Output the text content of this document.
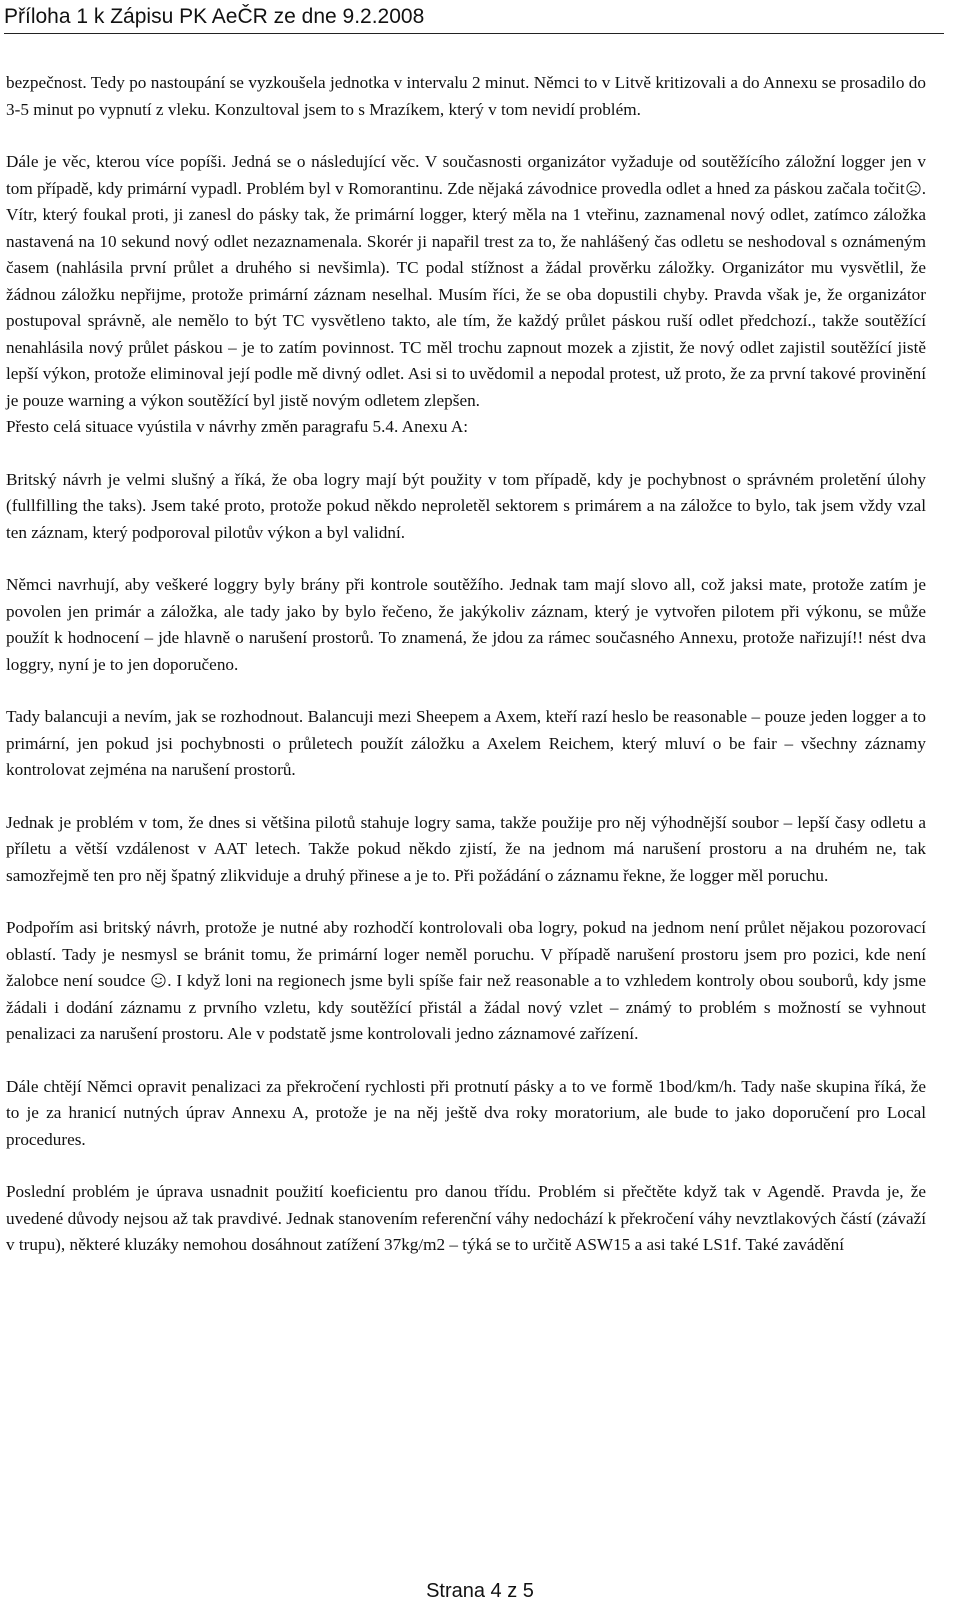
Příloha 1 k Zápisu PK AeČR ze dne 9.2.2008

bezpečnost. Tedy po nastoupání se vyzkoušela jednotka v intervalu 2 minut. Němci to v Litvě kritizovali a do Annexu se prosadilo do 3-5 minut po vypnutí z vleku. Konzultoval jsem to s Mrazíkem, který v tom nevidí problém.

Dále je věc, kterou více popíši. Jedná se o následující věc. V současnosti organizátor vyžaduje od soutěžícího záložní logger jen v tom případě, kdy primární vypadl. Problém byl v Romorantinu. Zde nějaká závodnice provedla odlet a hned za páskou začala točit . Vítr, který foukal proti, ji zanesl do pásky tak, že primární logger, který měla na 1 vteřinu, zaznamenal nový odlet, zatímco záložka nastavená na 10 sekund nový odlet nezaznamenala. Skorér ji napařil trest za to, že nahlášený čas odletu se neshodoval s oznámeným časem (nahlásila první průlet a druhého si nevšimla). TC podal stížnost a žádal prověrku záložky. Organizátor mu vysvětlil, že žádnou záložku nepřijme, protože primární záznam neselhal. Musím říci, že se oba dopustili chyby. Pravda však je, že organizátor postupoval správně, ale nemělo to být TC vysvětleno takto, ale tím, že každý průlet páskou ruší odlet předchozí., takže soutěžící nenahlásila nový průlet páskou – je to zatím povinnost. TC měl trochu zapnout mozek a zjistit, že nový odlet zajistil soutěžící jistě lepší výkon, protože eliminoval její podle mě divný odlet. Asi si to uvědomil a nepodal protest, už proto, že za první takové provinění je pouze warning a výkon soutěžící byl jistě novým odletem zlepšen.

Přesto celá situace vyústila v návrhy změn paragrafu 5.4. Anexu A:

Britský návrh je velmi slušný a říká, že oba logry mají být použity v tom případě, kdy je pochybnost o správném proletění úlohy (fullfilling the taks). Jsem také proto, protože pokud někdo neproletěl sektorem s primárem a na záložce to bylo, tak jsem vždy vzal ten záznam, který podporoval pilotův výkon a byl validní.

Němci navrhují, aby veškeré loggry byly brány při kontrole soutěžího. Jednak tam mají slovo all, což jaksi mate, protože zatím je povolen jen primár a záložka, ale tady jako by bylo řečeno, že jakýkoliv záznam, který je vytvořen pilotem při výkonu, se může použít k hodnocení – jde hlavně o narušení prostorů. To znamená, že jdou za rámec současného Annexu, protože nařizují!! nést dva loggry, nyní je to jen doporučeno.

Tady balancuji a nevím, jak se rozhodnout. Balancuji mezi Sheepem a Axem, kteří razí heslo be reasonable – pouze jeden logger a to primární, jen pokud jsi pochybnosti o průletech použít záložku a Axelem Reichem, který mluví o be fair – všechny záznamy kontrolovat zejména na narušení prostorů.

Jednak je problém v tom, že dnes si většina pilotů stahuje logry sama, takže použije pro něj výhodnější soubor – lepší časy odletu a příletu a větší vzdálenost v AAT letech. Takže pokud někdo zjistí, že na jednom má narušení prostoru a na druhém ne, tak samozřejmě ten pro něj špatný zlikviduje a druhý přinese a je to. Při požádání o záznamu řekne, že logger měl poruchu.

Podpořím asi britský návrh, protože je nutné aby rozhodčí kontrolovali oba logry, pokud na jednom není průlet nějakou pozorovací oblastí. Tady je nesmysl se bránit tomu, že primární loger neměl poruchu. V případě narušení prostoru jsem pro pozici, kde není žalobce není soudce . I když loni na regionech jsme byli spíše fair než reasonable a to vzhledem kontroly obou souborů, kdy jsme žádali i dodání záznamu z prvního vzletu, kdy soutěžící přistál a žádal nový vzlet – známý to problém s možností se vyhnout penalizaci za narušení prostoru. Ale v podstatě jsme kontrolovali jedno záznamové zařízení.

Dále chtějí Němci opravit penalizaci za překročení rychlosti při protnutí pásky a to ve formě 1bod/km/h. Tady naše skupina říká, že to je za hranicí nutných úprav Annexu A, protože je na něj ještě dva roky moratorium, ale bude to jako doporučení pro Local procedures.

Poslední problém je úprava usnadnit použití koeficientu pro danou třídu. Problém si přečtěte když tak v Agendě. Pravda je, že uvedené důvody nejsou až tak pravdivé. Jednak stanovením referenční váhy nedochází k překročení váhy nevztlakových částí (závaží v trupu), některé kluzáky nemohou dosáhnout zatížení 37kg/m2 – týká se to určitě ASW15 a asi také LS1f. Také zavádění

Strana 4 z 5
